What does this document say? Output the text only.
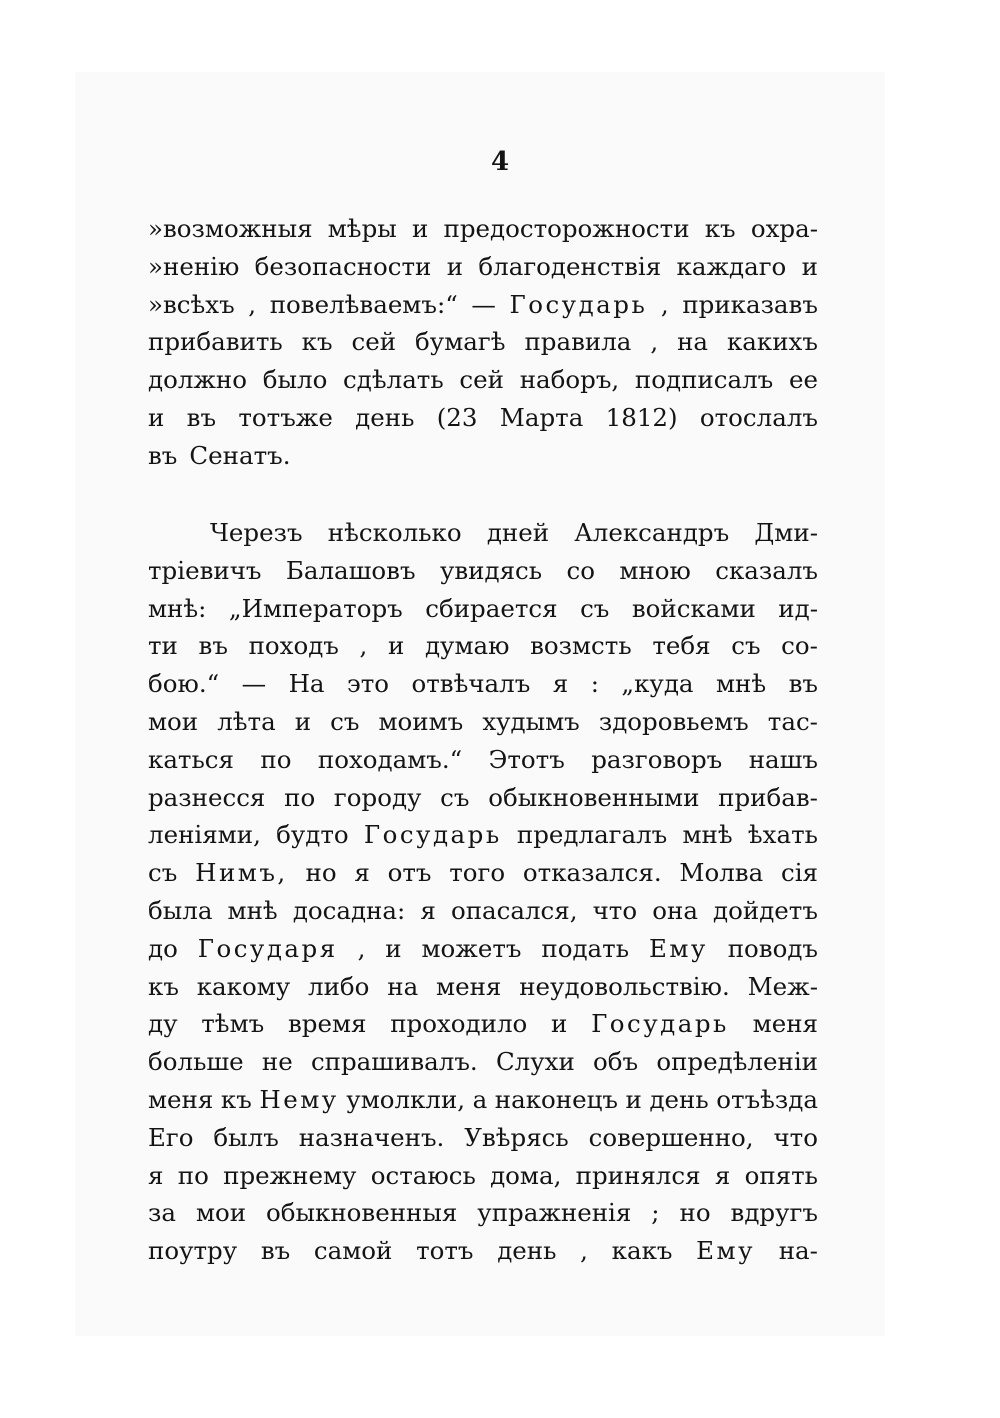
4
»возможныя мѣры и предосторожности къ охра-
»ненію безопасности и благоденствія каждаго и
»всѣхъ , повелѣваемъ:“ — Государь , приказавъ
прибавить къ сей бумагѣ правила , на какихъ
должно было сдѣлать сей наборъ, подписалъ ее
и въ тотъже день (23 Марта 1812) отослалъ
въ Сенатъ.
Черезъ нѣсколько дней Александръ Дми-
тріевичъ Балашовъ увидясь со мною сказалъ
мнѣ: „Императоръ сбирается съ войсками ид-
ти въ походъ , и думаю возмсть тебя съ со-
бою.“ — На это отвѣчалъ я : „куда мнѣ въ
мои лѣта и съ моимъ худымъ здоровьемъ тас-
каться по походамъ.“ Этотъ разговоръ нашъ
разнесся по городу съ обыкновенными прибав-
леніями, будто Государь предлагалъ мнѣ ѣхать
съ Нимъ, но я отъ того отказался. Молва сія
была мнѣ досадна: я опасался, что она дойдетъ
до Государя , и можетъ подать Ему поводъ
къ какому либо на меня неудовольствію. Меж-
ду тѣмъ время проходило и Государь меня
больше не спрашивалъ. Слухи объ опредѣленіи
меня къ Нему умолкли, а наконецъ и день отъѣзда
Его былъ назначенъ. Увѣрясь совершенно, что
я по прежнему остаюсь дома, принялся я опять
за мои обыкновенныя упражненія ; но вдругъ
поутру въ самой тотъ день , какъ Ему на-
